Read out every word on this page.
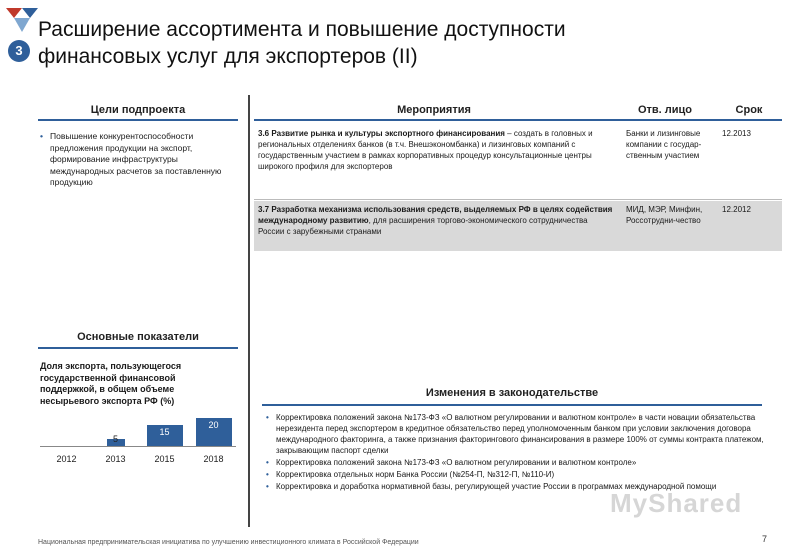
3
Расширение ассортимента и повышение доступности
финансовых услуг для экспортеров (II)
Цели подпроекта
• Повышение конкурентоспособности предложения продукции на экспорт, формирование инфраструктуры международных расчетов за поставленную продукцию
Мероприятия	Отв. лицо	Срок
3.6 Развитие рынка и культуры экспортного финансирования – создать в головных и региональных отделениях банков (в т.ч. Внешэкономбанка) и лизинговых компаний с государственным участием в рамках корпоративных процедур консультационные центры широкого профиля для экспортеров
Банки и лизинговые компании с государ-ственным участием
12.2013
3.7 Разработка механизма использования средств, выделяемых РФ в целях содействия международному развитию, для расширения торгово-экономического сотрудничества России с зарубежными странами
МИД, МЭР, Минфин, Россотрудни-чество
12.2012
Основные показатели
Доля экспорта, пользующегося государственной финансовой поддержкой, в общем объеме несырьевого экспорта РФ (%)
5
15
20
2012	2013	2015	2018
Изменения в законодательстве
• Корректировка положений закона №173-ФЗ «О валютном регулировании и валютном контроле» в части новации обязательства нерезидента перед экспортером в кредитное обязательство перед уполномоченным банком при условии заключения договора международного факторинга, а также признания факторингового финансирования в размере 100% от суммы контракта платежом, закрывающим паспорт сделки
• Корректировка положений закона №173-ФЗ «О валютном регулировании и валютном контроле»
• Корректировка отдельных норм Банка России (№254-П, №312-П, №110-И)
• Корректировка и доработка нормативной базы, регулирующей участие России в программах международной помощи
MyShared
Национальная предпринимательская инициатива по улучшению инвестиционного климата в Российской Федерации	7
